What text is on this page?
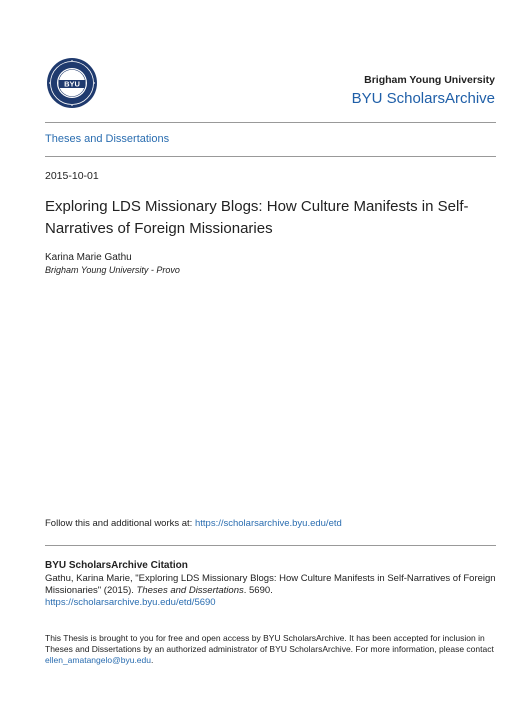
BYU	Brigham Young University
BYU ScholarsArchive
Theses and Dissertations
2015-10-01
Exploring LDS Missionary Blogs: How Culture Manifests in Self-Narratives of Foreign Missionaries
Karina Marie Gathu
Brigham Young University - Provo
Follow this and additional works at: https://scholarsarchive.byu.edu/etd
BYU ScholarsArchive Citation
Gathu, Karina Marie, "Exploring LDS Missionary Blogs: How Culture Manifests in Self-Narratives of Foreign Missionaries" (2015). Theses and Dissertations. 5690.
https://scholarsarchive.byu.edu/etd/5690
This Thesis is brought to you for free and open access by BYU ScholarsArchive. It has been accepted for inclusion in Theses and Dissertations by an authorized administrator of BYU ScholarsArchive. For more information, please contact ellen_amatangelo@byu.edu.
